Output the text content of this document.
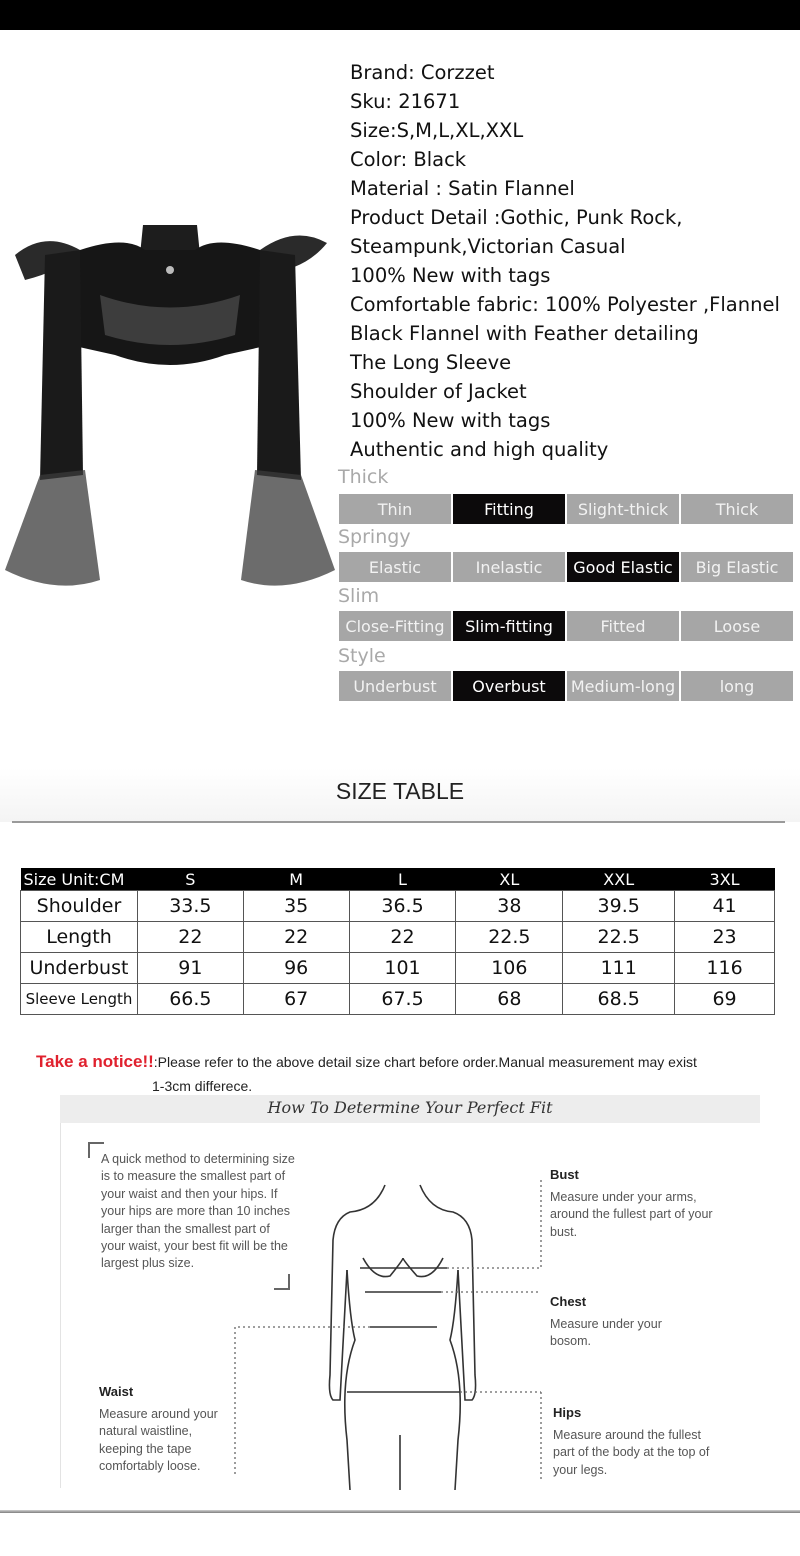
Brand: Corzzet
Sku: 21671
Size:S,M,L,XL,XXL
Color: Black
Material : Satin Flannel
Product Detail :Gothic, Punk Rock,
Steampunk,Victorian Casual
100% New with tags
Comfortable fabric: 100% Polyester ,Flannel
Black Flannel with Feather detailing
The Long Sleeve
Shoulder of Jacket
100% New with tags
Authentic and high quality
Thick
Thin	Fitting	Slight-thick	Thick
Springy
Elastic	Inelastic	Good Elastic	Big Elastic
Slim
Close-Fitting	Slim-fitting	Fitted	Loose
Style
Underbust	Overbust	Medium-long	long
SIZE TABLE
Size Unit:CM	S	M	L	XL	XXL	3XL
Shoulder	33.5	35	36.5	38	39.5	41
Length	22	22	22	22.5	22.5	23
Underbust	91	96	101	106	111	116
Sleeve Length	66.5	67	67.5	68	68.5	69
Take a notice!!:Please refer to the above detail size chart before order.Manual measurement may exist
1-3cm differece.
How To Determine Your Perfect Fit
A quick method to determining size is to measure the smallest part of your waist and then your hips. If your hips are more than 10 inches larger than the smallest part of your waist, your best fit will be the largest plus size.
Bust
Measure under your arms, around the fullest part of your bust.
Chest
Measure under your bosom.
Waist
Measure around your natural waistline, keeping the tape comfortably loose.
Hips
Measure around the fullest part of the body at the top of your legs.
